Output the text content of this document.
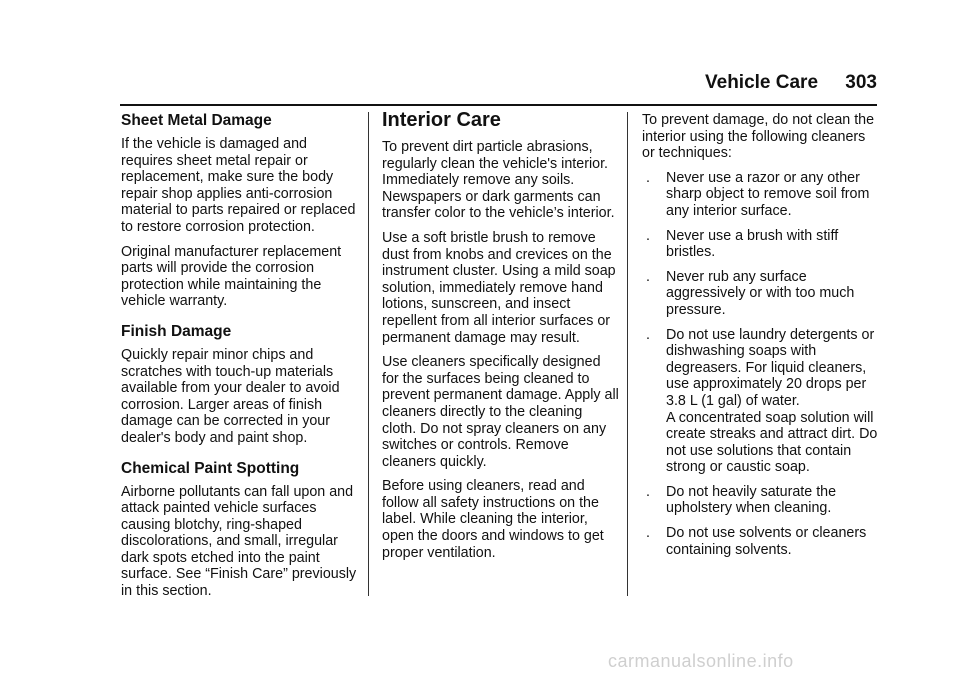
Vehicle Care 303
Sheet Metal Damage

If the vehicle is damaged and requires sheet metal repair or replacement, make sure the body repair shop applies anti-corrosion material to parts repaired or replaced to restore corrosion protection.

Original manufacturer replacement parts will provide the corrosion protection while maintaining the vehicle warranty.

Finish Damage

Quickly repair minor chips and scratches with touch-up materials available from your dealer to avoid corrosion. Larger areas of finish damage can be corrected in your dealer's body and paint shop.

Chemical Paint Spotting

Airborne pollutants can fall upon and attack painted vehicle surfaces causing blotchy, ring-shaped discolorations, and small, irregular dark spots etched into the paint surface. See “Finish Care” previously in this section.

Interior Care

To prevent dirt particle abrasions, regularly clean the vehicle's interior. Immediately remove any soils. Newspapers or dark garments can transfer color to the vehicle’s interior.

Use a soft bristle brush to remove dust from knobs and crevices on the instrument cluster. Using a mild soap solution, immediately remove hand lotions, sunscreen, and insect repellent from all interior surfaces or permanent damage may result.

Use cleaners specifically designed for the surfaces being cleaned to prevent permanent damage. Apply all cleaners directly to the cleaning cloth. Do not spray cleaners on any switches or controls. Remove cleaners quickly.

Before using cleaners, read and follow all safety instructions on the label. While cleaning the interior, open the doors and windows to get proper ventilation.

To prevent damage, do not clean the interior using the following cleaners or techniques:

. Never use a razor or any other sharp object to remove soil from any interior surface.
. Never use a brush with stiff bristles.
. Never rub any surface aggressively or with too much pressure.
. Do not use laundry detergents or dishwashing soaps with degreasers. For liquid cleaners, use approximately 20 drops per 3.8 L (1 gal) of water.
A concentrated soap solution will create streaks and attract dirt. Do not use solutions that contain strong or caustic soap.
. Do not heavily saturate the upholstery when cleaning.
. Do not use solvents or cleaners containing solvents.
carmanualsonline.info
